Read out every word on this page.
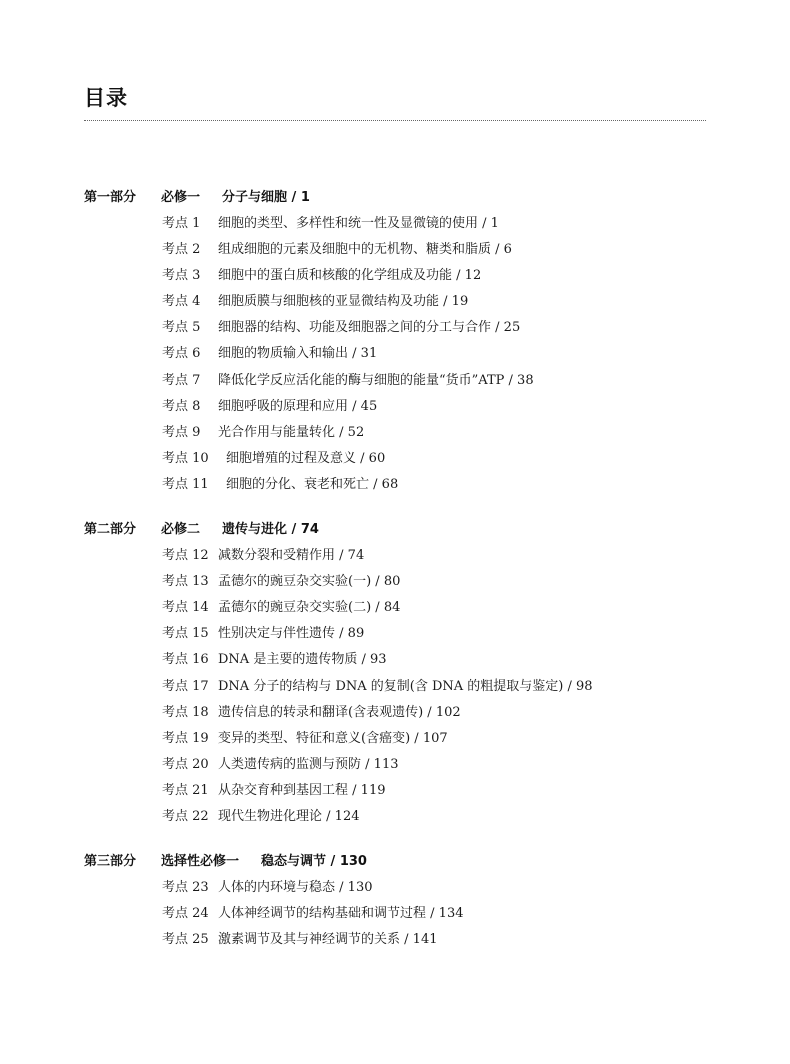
目录
第一部分 必修一 分子与细胞 / 1
考点 1 细胞的类型、多样性和统一性及显微镜的使用 / 1
考点 2 组成细胞的元素及细胞中的无机物、糖类和脂质 / 6
考点 3 细胞中的蛋白质和核酸的化学组成及功能 / 12
考点 4 细胞质膜与细胞核的亚显微结构及功能 / 19
考点 5 细胞器的结构、功能及细胞器之间的分工与合作 / 25
考点 6 细胞的物质输入和输出 / 31
考点 7 降低化学反应活化能的酶与细胞的能量“货币”ATP / 38
考点 8 细胞呼吸的原理和应用 / 45
考点 9 光合作用与能量转化 / 52
考点 10 细胞增殖的过程及意义 / 60
考点 11 细胞的分化、衰老和死亡 / 68
第二部分 必修二 遗传与进化 / 74
考点 12 减数分裂和受精作用 / 74
考点 13 孟德尔的豌豆杂交实验(一) / 80
考点 14 孟德尔的豌豆杂交实验(二) / 84
考点 15 性别决定与伴性遗传 / 89
考点 16 DNA 是主要的遗传物质 / 93
考点 17 DNA 分子的结构与 DNA 的复制(含 DNA 的粗提取与鉴定) / 98
考点 18 遗传信息的转录和翻译(含表观遗传) / 102
考点 19 变异的类型、特征和意义(含癌变) / 107
考点 20 人类遗传病的监测与预防 / 113
考点 21 从杂交育种到基因工程 / 119
考点 22 现代生物进化理论 / 124
第三部分 选择性必修一 稳态与调节 / 130
考点 23 人体的内环境与稳态 / 130
考点 24 人体神经调节的结构基础和调节过程 / 134
考点 25 激素调节及其与神经调节的关系 / 141
